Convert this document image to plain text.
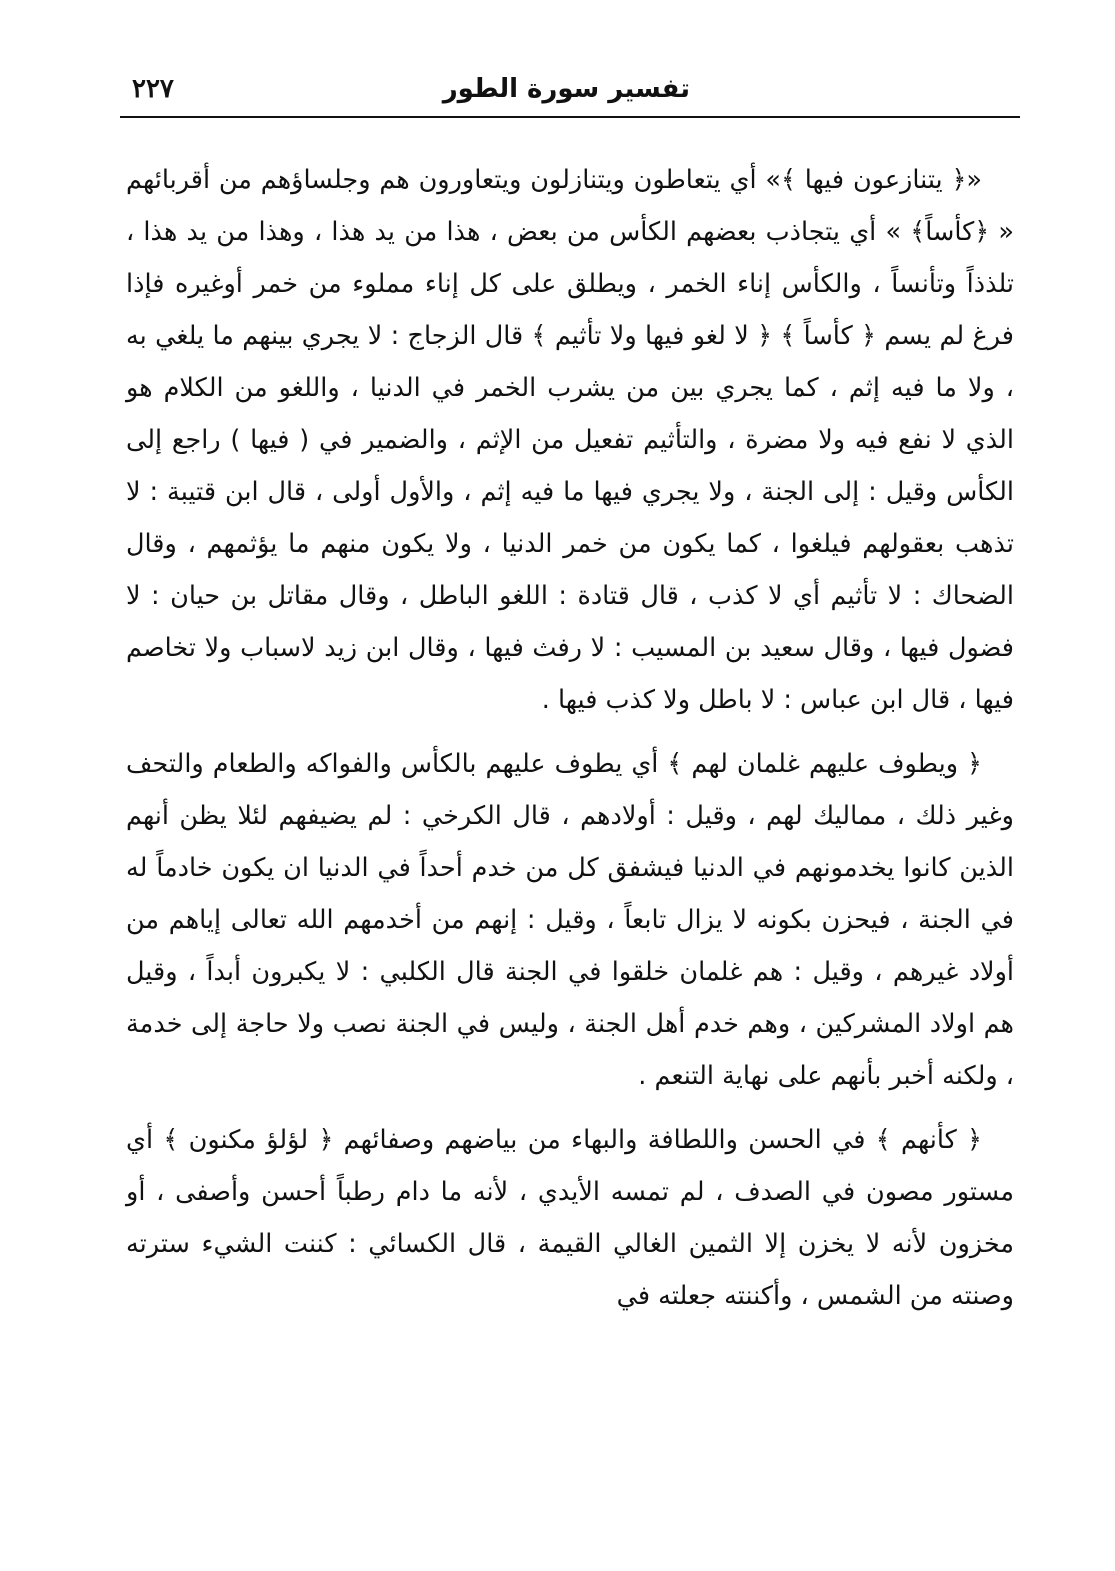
٢٢٧	تفسير سورة الطور

«﴿ يتنازعون فيها ﴾» أي يتعاطون ويتنازلون ويتعاورون هم وجلساؤهم من أقربائهم « ﴿كأساً﴾ » أي يتجاذب بعضهم الكأس من بعض ، هذا من يد هذا ، وهذا من يد هذا ، تلذذاً وتأنساً ، والكأس إناء الخمر ، ويطلق على كل إناء مملوء من خمر أوغيره فإذا فرغ لم يسم ﴿ كأساً ﴾ ﴿ لا لغو فيها ولا تأثيم ﴾ قال الزجاج : لا يجري بينهم ما يلغي به ، ولا ما فيه إثم ، كما يجري بين من يشرب الخمر في الدنيا ، واللغو من الكلام هو الذي لا نفع فيه ولا مضرة ، والتأثيم تفعيل من الإثم ، والضمير في ( فيها ) راجع إلى الكأس وقيل : إلى الجنة ، ولا يجري فيها ما فيه إثم ، والأول أولى ، قال ابن قتيبة : لا تذهب بعقولهم فيلغوا ، كما يكون من خمر الدنيا ، ولا يكون منهم ما يؤثمهم ، وقال الضحاك : لا تأثيم أي لا كذب ، قال قتادة : اللغو الباطل ، وقال مقاتل بن حيان : لا فضول فيها ، وقال سعيد بن المسيب : لا رفث فيها ، وقال ابن زيد لاسباب ولا تخاصم فيها ، قال ابن عباس : لا باطل ولا كذب فيها .

﴿ ويطوف عليهم غلمان لهم ﴾ أي يطوف عليهم بالكأس والفواكه والطعام والتحف وغير ذلك ، مماليك لهم ، وقيل : أولادهم ، قال الكرخي : لم يضيفهم لئلا يظن أنهم الذين كانوا يخدمونهم في الدنيا فيشفق كل من خدم أحداً في الدنيا ان يكون خادماً له في الجنة ، فيحزن بكونه لا يزال تابعاً ، وقيل : إنهم من أخدمهم الله تعالى إياهم من أولاد غيرهم ، وقيل : هم غلمان خلقوا في الجنة قال الكلبي : لا يكبرون أبداً ، وقيل هم اولاد المشركين ، وهم خدم أهل الجنة ، وليس في الجنة نصب ولا حاجة إلى خدمة ، ولكنه أخبر بأنهم على نهاية التنعم .

﴿ كأنهم ﴾ في الحسن واللطافة والبهاء من بياضهم وصفائهم ﴿ لؤلؤ مكنون ﴾ أي مستور مصون في الصدف ، لم تمسه الأيدي ، لأنه ما دام رطباً أحسن وأصفى ، أو مخزون لأنه لا يخزن إلا الثمين الغالي القيمة ، قال الكسائي : كننت الشيء سترته وصنته من الشمس ، وأكننته جعلته في
